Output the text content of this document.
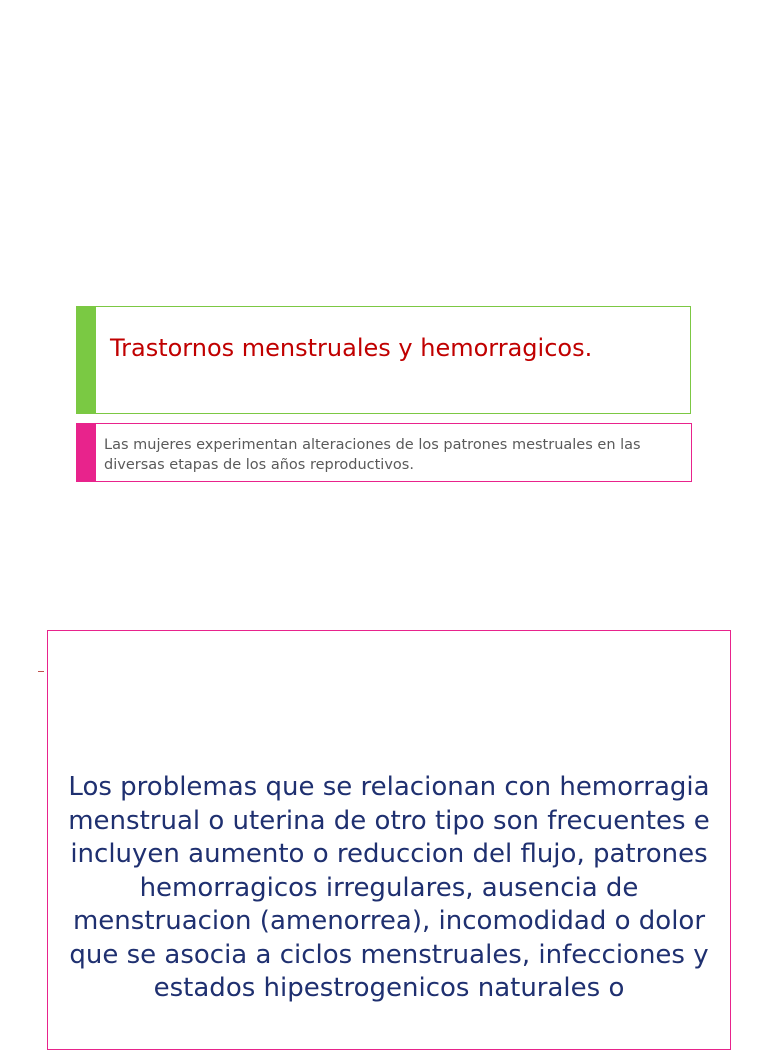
Trastornos menstruales y hemorragicos.
Las mujeres experimentan alteraciones de los patrones mestruales en las diversas etapas de los años reproductivos.
Los problemas que se relacionan con hemorragia menstrual o uterina de otro tipo son frecuentes e incluyen aumento o reduccion del flujo, patrones hemorragicos irregulares, ausencia de menstruacion (amenorrea), incomodidad o dolor que se asocia a ciclos menstruales, infecciones y estados hipestrogenicos naturales o
